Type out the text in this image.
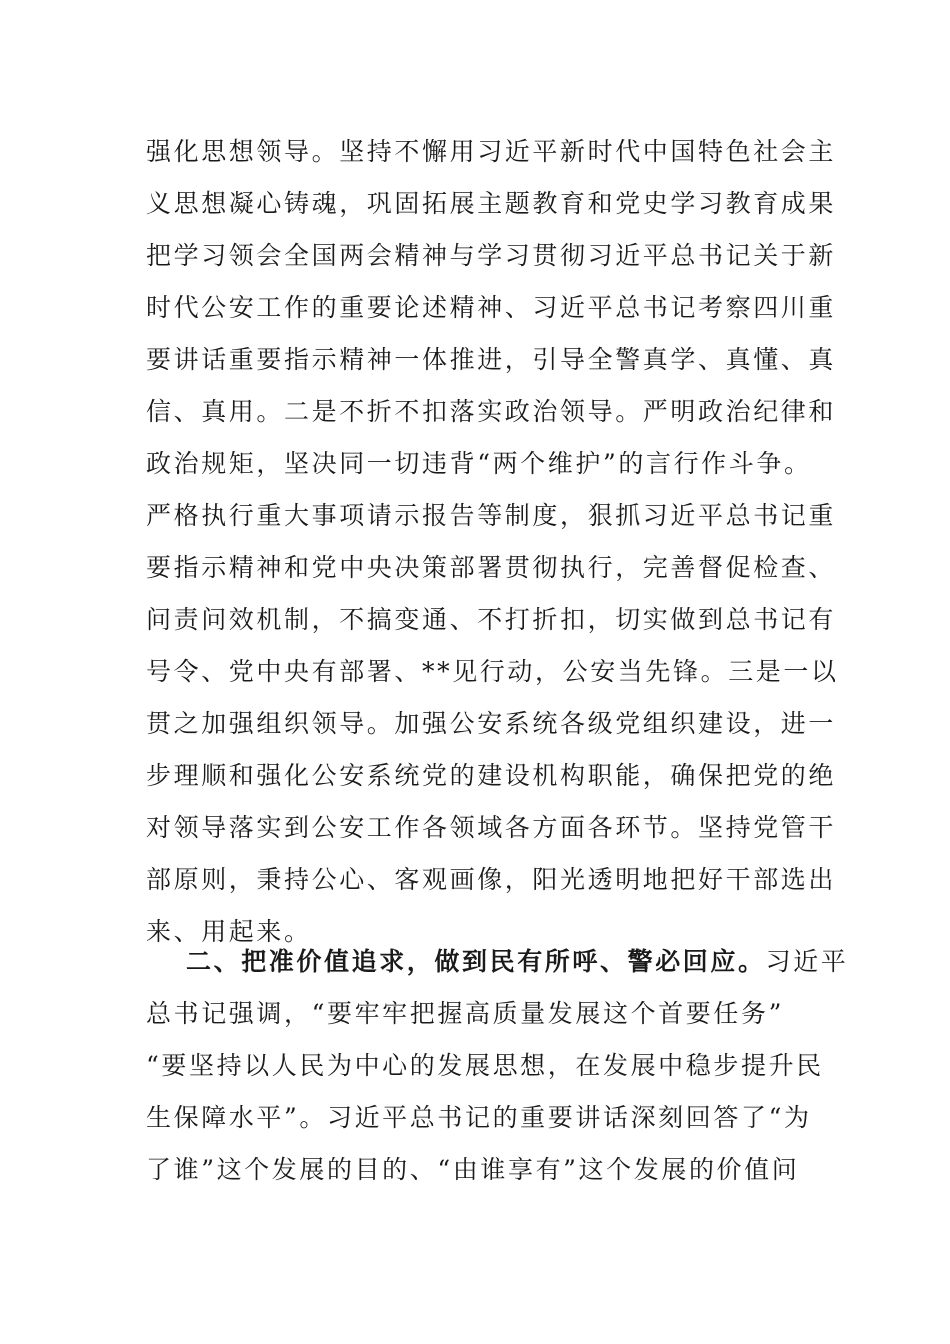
强化思想领导。坚持不懈用习近平新时代中国特色社会主
义思想凝心铸魂，巩固拓展主题教育和党史学习教育成果
把学习领会全国两会精神与学习贯彻习近平总书记关于新
时代公安工作的重要论述精神、习近平总书记考察四川重
要讲话重要指示精神一体推进，引导全警真学、真懂、真
信、真用。二是不折不扣落实政治领导。严明政治纪律和
政治规矩，坚决同一切违背“两个维护”的言行作斗争。
严格执行重大事项请示报告等制度，狠抓习近平总书记重
要指示精神和党中央决策部署贯彻执行，完善督促检查、
问责问效机制，不搞变通、不打折扣，切实做到总书记有
号令、党中央有部署、**见行动，公安当先锋。三是一以
贯之加强组织领导。加强公安系统各级党组织建设，进一
步理顺和强化公安系统党的建设机构职能，确保把党的绝
对领导落实到公安工作各领域各方面各环节。坚持党管干
部原则，秉持公心、客观画像，阳光透明地把好干部选出
来、用起来。
二、把准价值追求，做到民有所呼、警必回应。习近平
总书记强调，“要牢牢把握高质量发展这个首要任务”
“要坚持以人民为中心的发展思想，在发展中稳步提升民
生保障水平”。习近平总书记的重要讲话深刻回答了“为
了谁”这个发展的目的、“由谁享有”这个发展的价值问
